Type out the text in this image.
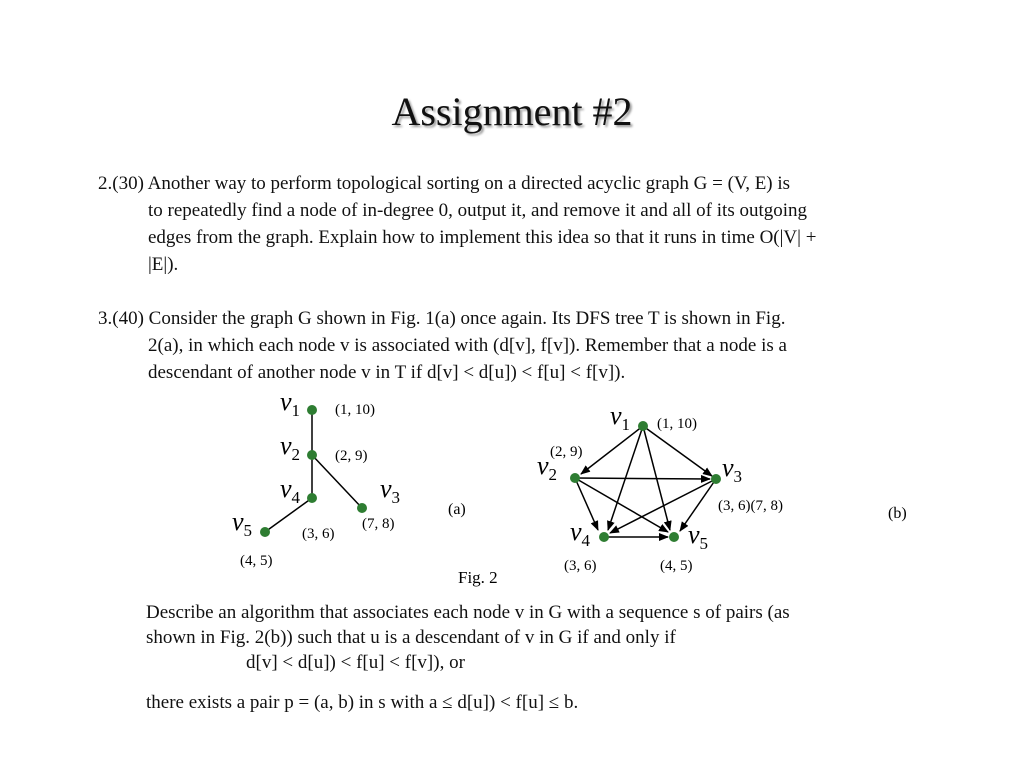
Assignment #2
2.(30) Another way to perform topological sorting on a directed acyclic graph G = (V, E) is
to repeatedly find a node of in-degree 0, output it, and remove it and all of its outgoing
edges from the graph. Explain how to implement this idea so that it runs in time O(|V| +
|E|).
3.(40) Consider the graph G shown in Fig. 1(a) once again. Its DFS tree T is shown in Fig.
2(a), in which each node v is associated with (d[v], f[v]). Remember that a node is a
descendant of another node v in T if d[v] < d[u]) < f[u] < f[v]).
$v_1$
$v_2$
$v_4$	$v_3$
$v_5$
(1, 10)
(2, 9)
(7, 8)
(3, 6)
(4, 5)
(a)
$v_1$
$v_2$	$v_3$
$v_4$	$v_5$
(1, 10)
(2, 9)
(3, 6)(7, 8)
(3, 6)	(4, 5)
(b)
Fig. 2
Describe an algorithm that associates each node v in G with a sequence s of pairs (as
shown in Fig. 2(b)) such that u is a descendant of v in G if and only if
d[v] < d[u]) < f[u] < f[v]), or
there exists a pair p = (a, b) in s with a ≤ d[u]) < f[u] ≤ b.
